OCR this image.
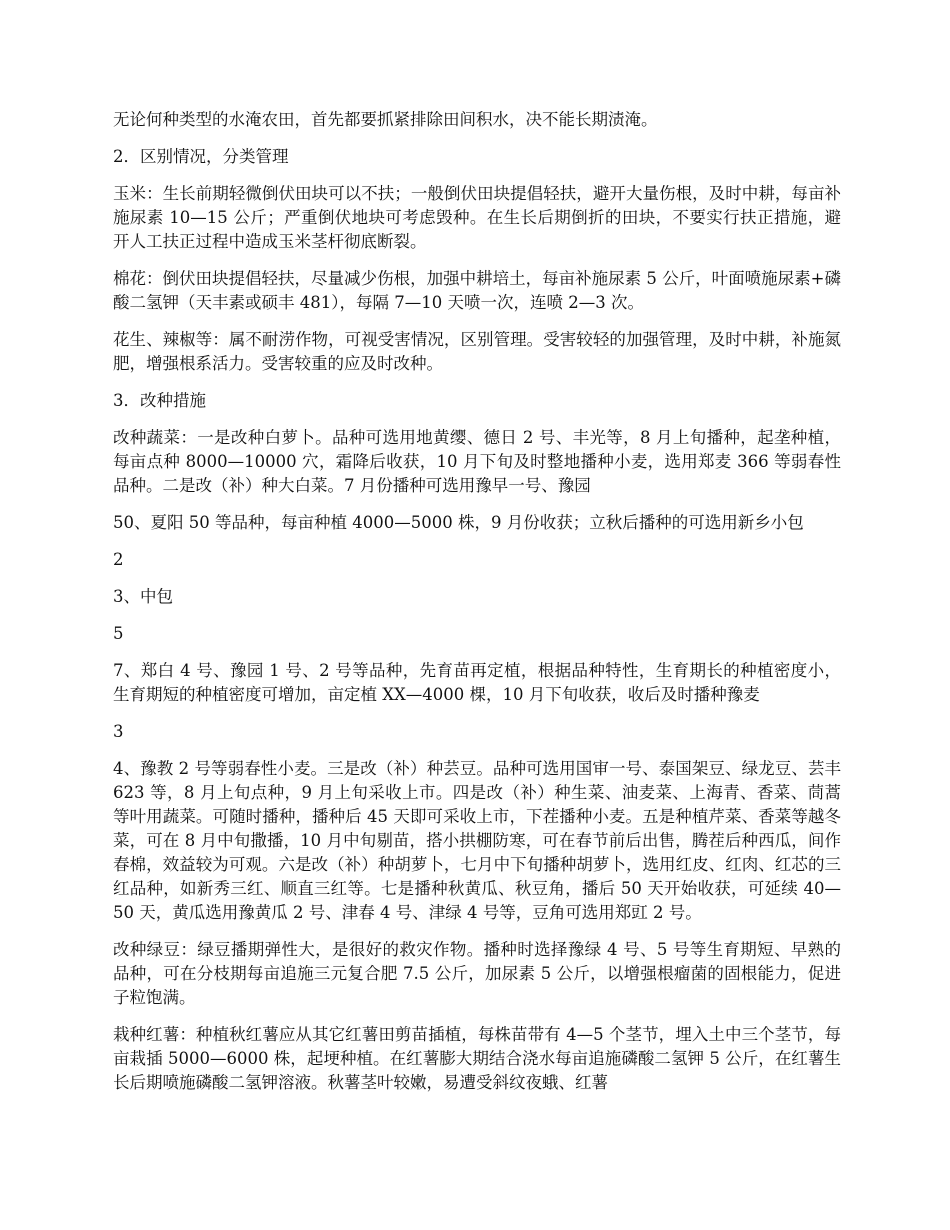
无论何种类型的水淹农田，首先都要抓紧排除田间积水，决不能长期渍淹。

2．区别情况，分类管理

玉米：生长前期轻微倒伏田块可以不扶；一般倒伏田块提倡轻扶，避开大量伤根，及时中耕，每亩补施尿素 10—15 公斤；严重倒伏地块可考虑毁种。在生长后期倒折的田块，不要实行扶正措施，避开人工扶正过程中造成玉米茎杆彻底断裂。

棉花：倒伏田块提倡轻扶，尽量减少伤根，加强中耕培土，每亩补施尿素 5 公斤，叶面喷施尿素+磷酸二氢钾（天丰素或硕丰 481），每隔 7—10 天喷一次，连喷 2—3 次。

花生、辣椒等：属不耐涝作物，可视受害情况，区别管理。受害较轻的加强管理，及时中耕，补施氮肥，增强根系活力。受害较重的应及时改种。

3．改种措施

改种蔬菜：一是改种白萝卜。品种可选用地黄缨、德日 2 号、丰光等，8 月上旬播种，起垄种植，每亩点种 8000—10000 穴，霜降后收获，10 月下旬及时整地播种小麦，选用郑麦 366 等弱春性品种。二是改（补）种大白菜。7 月份播种可选用豫早一号、豫园

50、夏阳 50 等品种，每亩种植 4000—5000 株，9 月份收获；立秋后播种的可选用新乡小包

2

3、中包

5

7、郑白 4 号、豫园 1 号、2 号等品种，先育苗再定植，根据品种特性，生育期长的种植密度小，生育期短的种植密度可增加，亩定植 XX—4000 棵，10 月下旬收获，收后及时播种豫麦

3

4、豫教 2 号等弱春性小麦。三是改（补）种芸豆。品种可选用国审一号、泰国架豆、绿龙豆、芸丰 623 等，8 月上旬点种，9 月上旬采收上市。四是改（补）种生菜、油麦菜、上海青、香菜、茼蒿等叶用蔬菜。可随时播种，播种后 45 天即可采收上市，下茬播种小麦。五是种植芹菜、香菜等越冬菜，可在 8 月中旬撒播，10 月中旬剔苗，搭小拱棚防寒，可在春节前后出售，腾茬后种西瓜，间作春棉，效益较为可观。六是改（补）种胡萝卜，七月中下旬播种胡萝卜，选用红皮、红肉、红芯的三红品种，如新秀三红、顺直三红等。七是播种秋黄瓜、秋豆角，播后 50 天开始收获，可延续 40—50 天，黄瓜选用豫黄瓜 2 号、津春 4 号、津绿 4 号等，豆角可选用郑豇 2 号。

改种绿豆：绿豆播期弹性大，是很好的救灾作物。播种时选择豫绿 4 号、5 号等生育期短、早熟的品种，可在分枝期每亩追施三元复合肥 7.5 公斤，加尿素 5 公斤，以增强根瘤菌的固根能力，促进子粒饱满。

栽种红薯：种植秋红薯应从其它红薯田剪苗插植，每株苗带有 4—5 个茎节，埋入土中三个茎节，每亩栽插 5000—6000 株，起埂种植。在红薯膨大期结合浇水每亩追施磷酸二氢钾 5 公斤，在红薯生长后期喷施磷酸二氢钾溶液。秋薯茎叶较嫩，易遭受斜纹夜蛾、红薯
